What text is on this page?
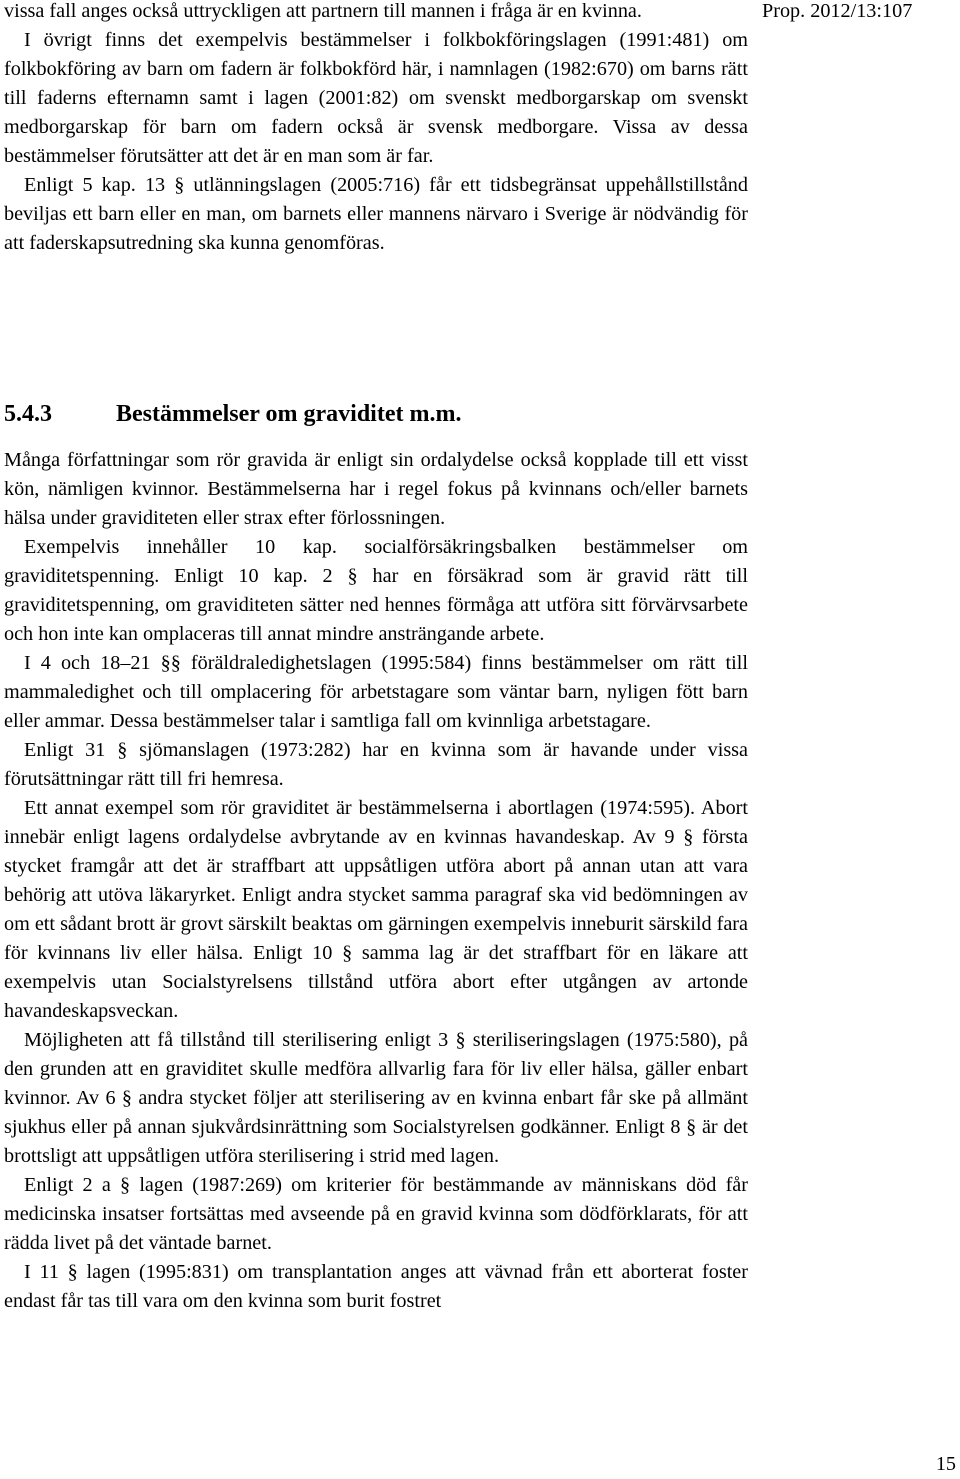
vissa fall anges också uttryckligen att partnern till mannen i fråga är en kvinna.

I övrigt finns det exempelvis bestämmelser i folkbokföringslagen (1991:481) om folkbokföring av barn om fadern är folkbokförd här, i namnlagen (1982:670) om barns rätt till faderns efternamn samt i lagen (2001:82) om svenskt medborgarskap om svenskt medborgarskap för barn om fadern också är svensk medborgare. Vissa av dessa bestämmelser förutsätter att det är en man som är far.

Enligt 5 kap. 13 § utlänningslagen (2005:716) får ett tidsbegränsat uppehållstillstånd beviljas ett barn eller en man, om barnets eller mannens närvaro i Sverige är nödvändig för att faderskapsutredning ska kunna genomföras.

5.4.3	Bestämmelser om graviditet m.m.

Många författningar som rör gravida är enligt sin ordalydelse också kopplade till ett visst kön, nämligen kvinnor. Bestämmelserna har i regel fokus på kvinnans och/eller barnets hälsa under graviditeten eller strax efter förlossningen.

Exempelvis innehåller 10 kap. socialförsäkringsbalken bestämmelser om graviditetspenning. Enligt 10 kap. 2 § har en försäkrad som är gravid rätt till graviditetspenning, om graviditeten sätter ned hennes förmåga att utföra sitt förvärvsarbete och hon inte kan omplaceras till annat mindre ansträngande arbete.

I 4 och 18–21 §§ föräldraledighetslagen (1995:584) finns bestämmelser om rätt till mammaledighet och till omplacering för arbetstagare som väntar barn, nyligen fött barn eller ammar. Dessa bestämmelser talar i samtliga fall om kvinnliga arbetstagare.

Enligt 31 § sjömanslagen (1973:282) har en kvinna som är havande under vissa förutsättningar rätt till fri hemresa.

Ett annat exempel som rör graviditet är bestämmelserna i abortlagen (1974:595). Abort innebär enligt lagens ordalydelse avbrytande av en kvinnas havandeskap. Av 9 § första stycket framgår att det är straffbart att uppsåtligen utföra abort på annan utan att vara behörig att utöva läkaryrket. Enligt andra stycket samma paragraf ska vid bedömningen av om ett sådant brott är grovt särskilt beaktas om gärningen exempelvis inneburit särskild fara för kvinnans liv eller hälsa. Enligt 10 § samma lag är det straffbart för en läkare att exempelvis utan Socialstyrelsens tillstånd utföra abort efter utgången av artonde havandeskapsveckan.

Möjligheten att få tillstånd till sterilisering enligt 3 § steriliseringslagen (1975:580), på den grunden att en graviditet skulle medföra allvarlig fara för liv eller hälsa, gäller enbart kvinnor. Av 6 § andra stycket följer att sterilisering av en kvinna enbart får ske på allmänt sjukhus eller på annan sjukvårdsinrättning som Socialstyrelsen godkänner. Enligt 8 § är det brottsligt att uppsåtligen utföra sterilisering i strid med lagen.

Enligt 2 a § lagen (1987:269) om kriterier för bestämmande av människans död får medicinska insatser fortsättas med avseende på en gravid kvinna som dödförklarats, för att rädda livet på det väntade barnet.

I 11 § lagen (1995:831) om transplantation anges att vävnad från ett aborterat foster endast får tas till vara om den kvinna som burit fostret

Prop. 2012/13:107
15
